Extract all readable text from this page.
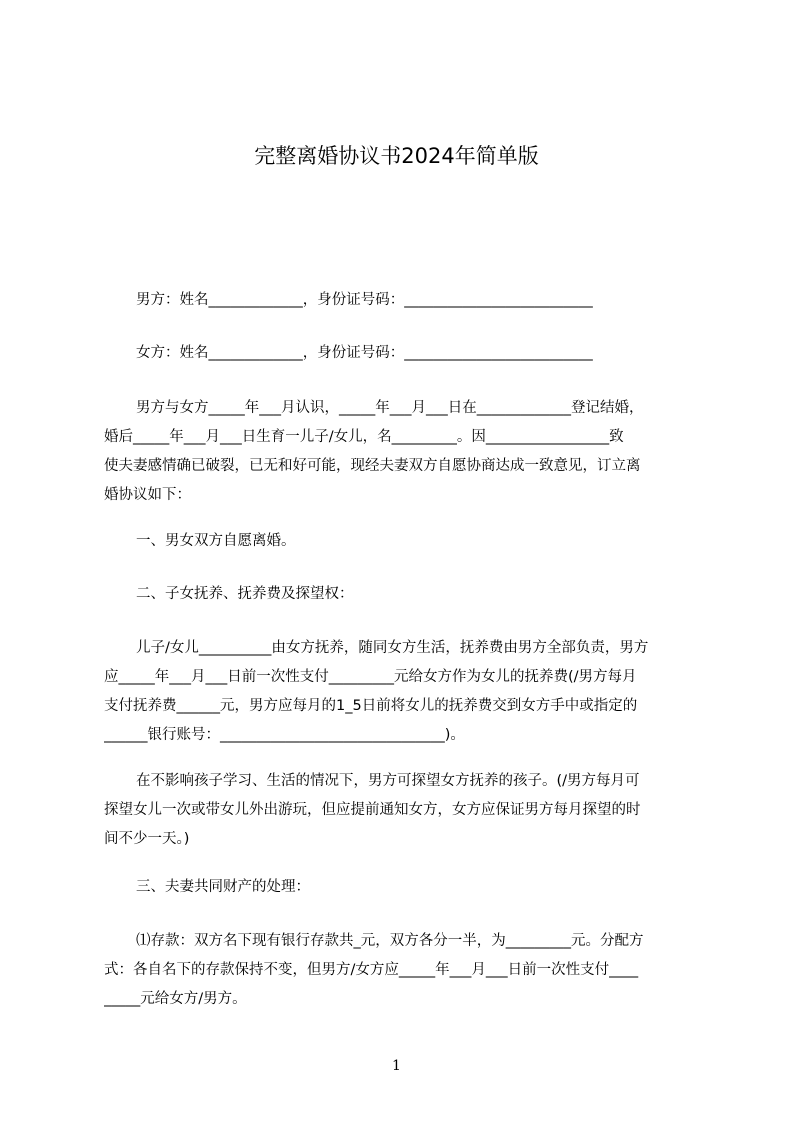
完整离婚协议书2024年简单版
男方：姓名_____________，身份证号码：__________________________
女方：姓名_____________，身份证号码：__________________________
男方与女方_____年___月认识，_____年___月___日在_____________登记结婚，
婚后_____年___月___日生育一儿子/女儿，名_________。因_________________致
使夫妻感情确已破裂，已无和好可能，现经夫妻双方自愿协商达成一致意见，订立离
婚协议如下：
一、男女双方自愿离婚。
二、子女抚养、抚养费及探望权：
儿子/女儿__________由女方抚养，随同女方生活，抚养费由男方全部负责，男方
应_____年___月___日前一次性支付_________元给女方作为女儿的抚养费(/男方每月
支付抚养费______元，男方应每月的1_5日前将女儿的抚养费交到女方手中或指定的
______银行账号：_______________________________)。
在不影响孩子学习、生活的情况下，男方可探望女方抚养的孩子。(/男方每月可
探望女儿一次或带女儿外出游玩，但应提前通知女方，女方应保证男方每月探望的时
间不少一天。)
三、夫妻共同财产的处理：
⑴存款：双方名下现有银行存款共_元，双方各分一半，为_________元。分配方
式：各自名下的存款保持不变，但男方/女方应_____年___月___日前一次性支付____
_____元给女方/男方。
1
